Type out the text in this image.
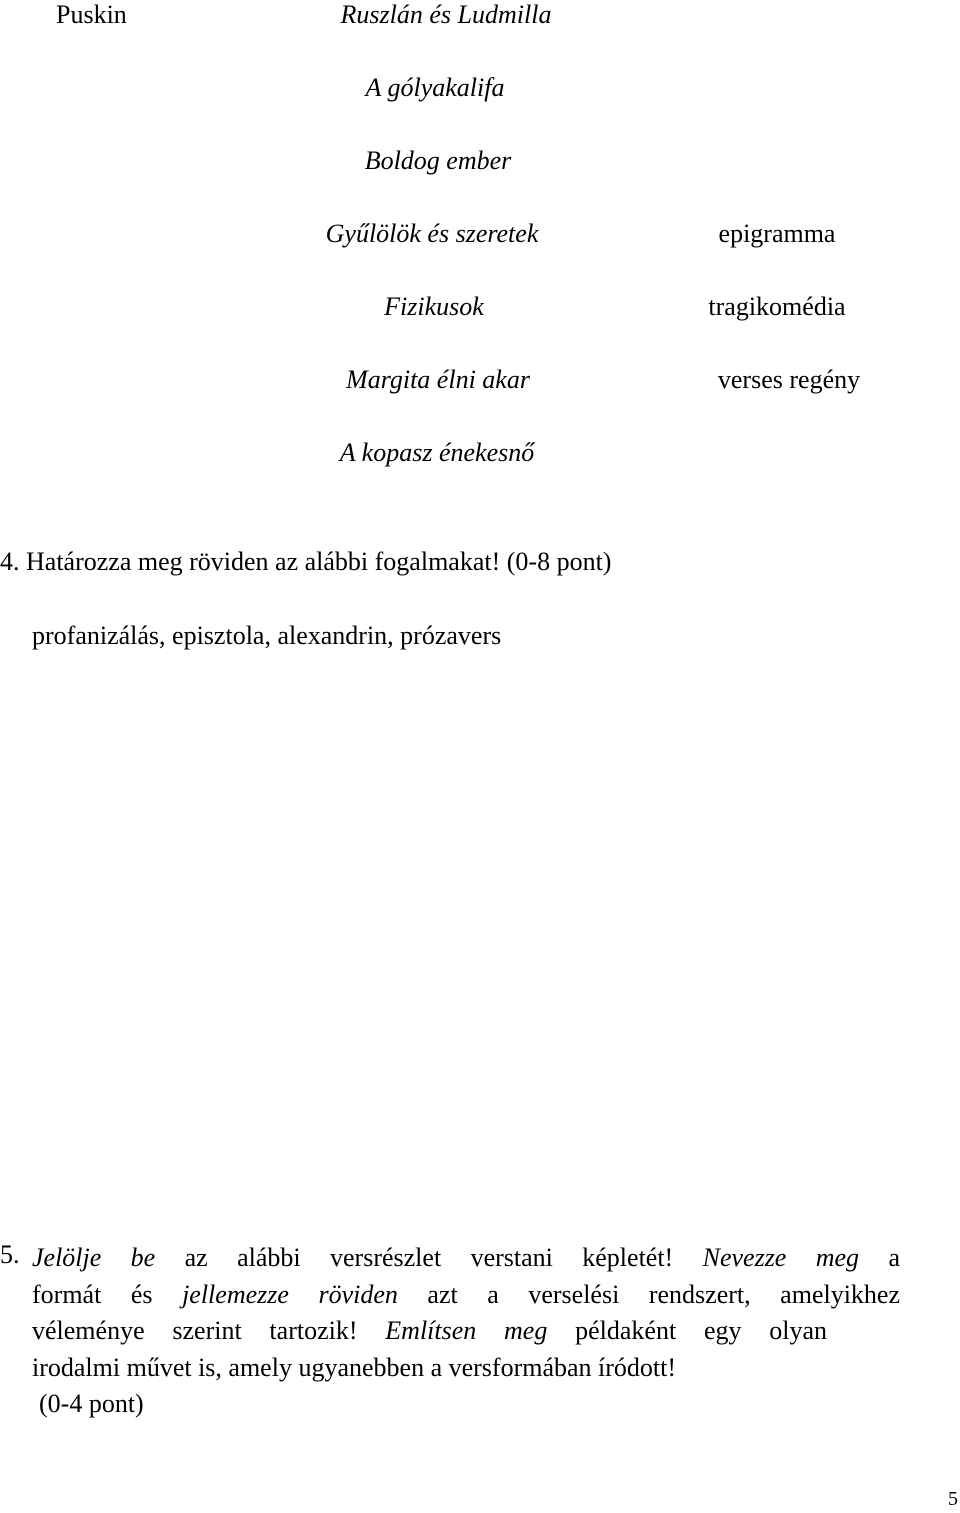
Puskin	Ruszlán és Ludmilla
A gólyakalifa
Boldog ember
Gyűlölök és szeretek
Fizikusok
Margita élni akar
A kopasz énekesnő
epigramma
tragikomédia
verses regény
4. Határozza meg röviden az alábbi fogalmakat! (0-8 pont)
profanizálás, episztola, alexandrin, prózavers
5. Jelölje be az alábbi versrészlet verstani képletét! Nevezze meg a
formát és jellemezze röviden azt a verselési rendszert, amelyikhez
véleménye szerint tartozik! Említsen meg példaként egy olyan
irodalmi művet is, amely ugyanebben a versformában íródott!
(0-4 pont)
5
